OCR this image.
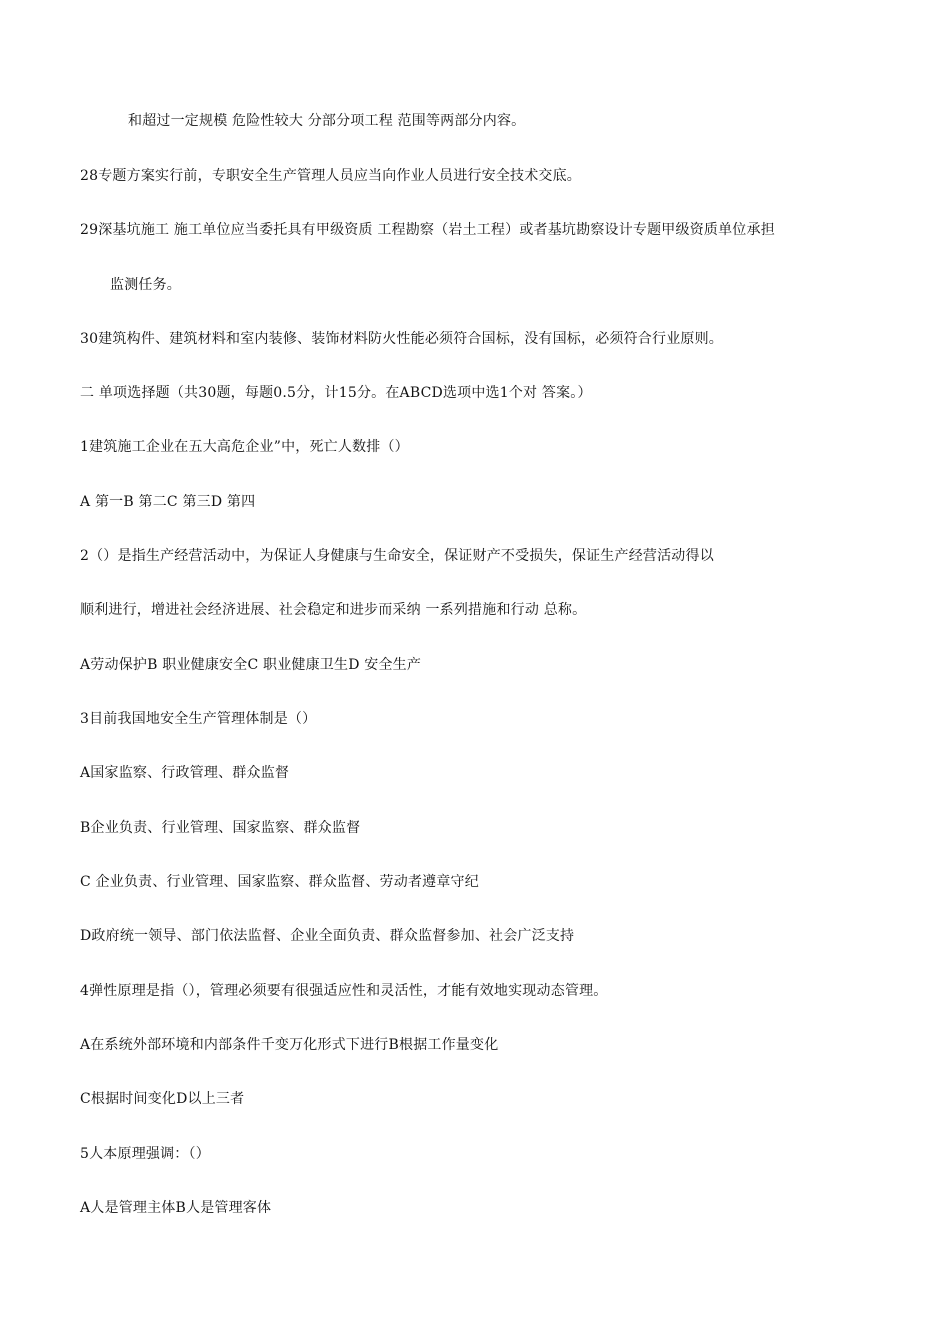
和超过一定规模 危险性较大 分部分项工程 范围等两部分内容。
28专题方案实行前，专职安全生产管理人员应当向作业人员进行安全技术交底。
29深基坑施工 施工单位应当委托具有甲级资质 工程勘察（岩土工程）或者基坑勘察设计专题甲级资质单位承担
监测任务。
30建筑构件、建筑材料和室内装修、装饰材料防火性能必须符合国标，没有国标，必须符合行业原则。
二 单项选择题（共30题，每题0.5分，计15分。在ABCD选项中选1个对 答案。）
1建筑施工企业在五大高危企业”中，死亡人数排（）
A 第一B 第二C 第三D 第四
2（）是指生产经营活动中，为保证人身健康与生命安全，保证财产不受损失，保证生产经营活动得以
顺利进行，增进社会经济进展、社会稳定和进步而采纳 一系列措施和行动 总称。
A劳动保护B 职业健康安全C 职业健康卫生D 安全生产
3目前我国地安全生产管理体制是（）
A国家监察、行政管理、群众监督
B企业负责、行业管理、国家监察、群众监督
C 企业负责、行业管理、国家监察、群众监督、劳动者遵章守纪
D政府统一领导、部门依法监督、企业全面负责、群众监督参加、社会广泛支持
4弹性原理是指（），管理必须要有很强适应性和灵活性，才能有效地实现动态管理。
A在系统外部环境和内部条件千变万化形式下进行B根据工作量变化
C根据时间变化D以上三者
5人本原理强调：（）
A人是管理主体B人是管理客体
